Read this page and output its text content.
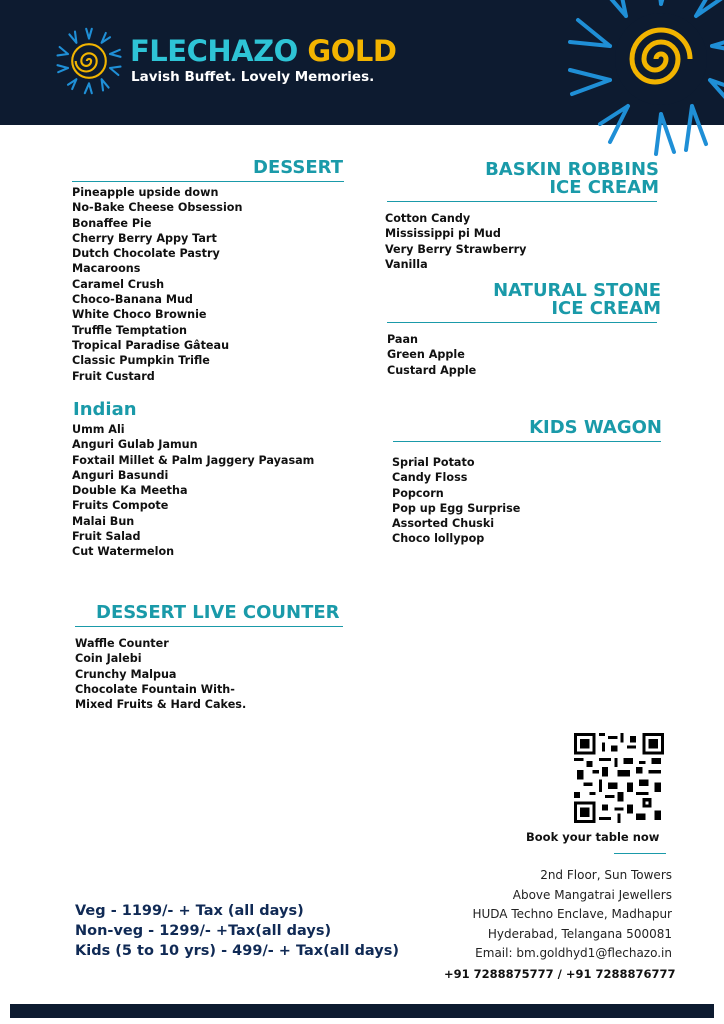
FLECHAZO GOLD
Lavish Buffet. Lovely Memories.
DESSERT
Pineapple upside down
No-Bake Cheese Obsession
Bonaffee Pie
Cherry Berry Appy Tart
Dutch Chocolate Pastry
Macaroons
Caramel Crush
Choco-Banana Mud
White Choco Brownie
Truffle Temptation
Tropical Paradise Gâteau
Classic Pumpkin Trifle
Fruit Custard
Indian
Umm Ali
Anguri Gulab Jamun
Foxtail Millet & Palm Jaggery Payasam
Anguri Basundi
Double Ka Meetha
Fruits Compote
Malai Bun
Fruit Salad
Cut Watermelon
DESSERT LIVE COUNTER
Waffle Counter
Coin Jalebi
Crunchy Malpua
Chocolate Fountain With-
Mixed Fruits & Hard Cakes.
BASKIN ROBBINS
ICE CREAM
Cotton Candy
Mississippi pi Mud
Very Berry Strawberry
Vanilla
NATURAL STONE
ICE CREAM
Paan
Green Apple
Custard Apple
KIDS WAGON
Sprial Potato
Candy Floss
Popcorn
Pop up Egg Surprise
Assorted Chuski
Choco lollypop
Book your table now
2nd Floor, Sun Towers
Above Mangatrai Jewellers
HUDA Techno Enclave, Madhapur
Hyderabad, Telangana 500081
Email: bm.goldhyd1@flechazo.in
+91 7288875777 / +91 7288876777
Veg - 1199/- + Tax (all days)
Non-veg - 1299/- +Tax(all days)
Kids (5 to 10 yrs) - 499/- + Tax(all days)
